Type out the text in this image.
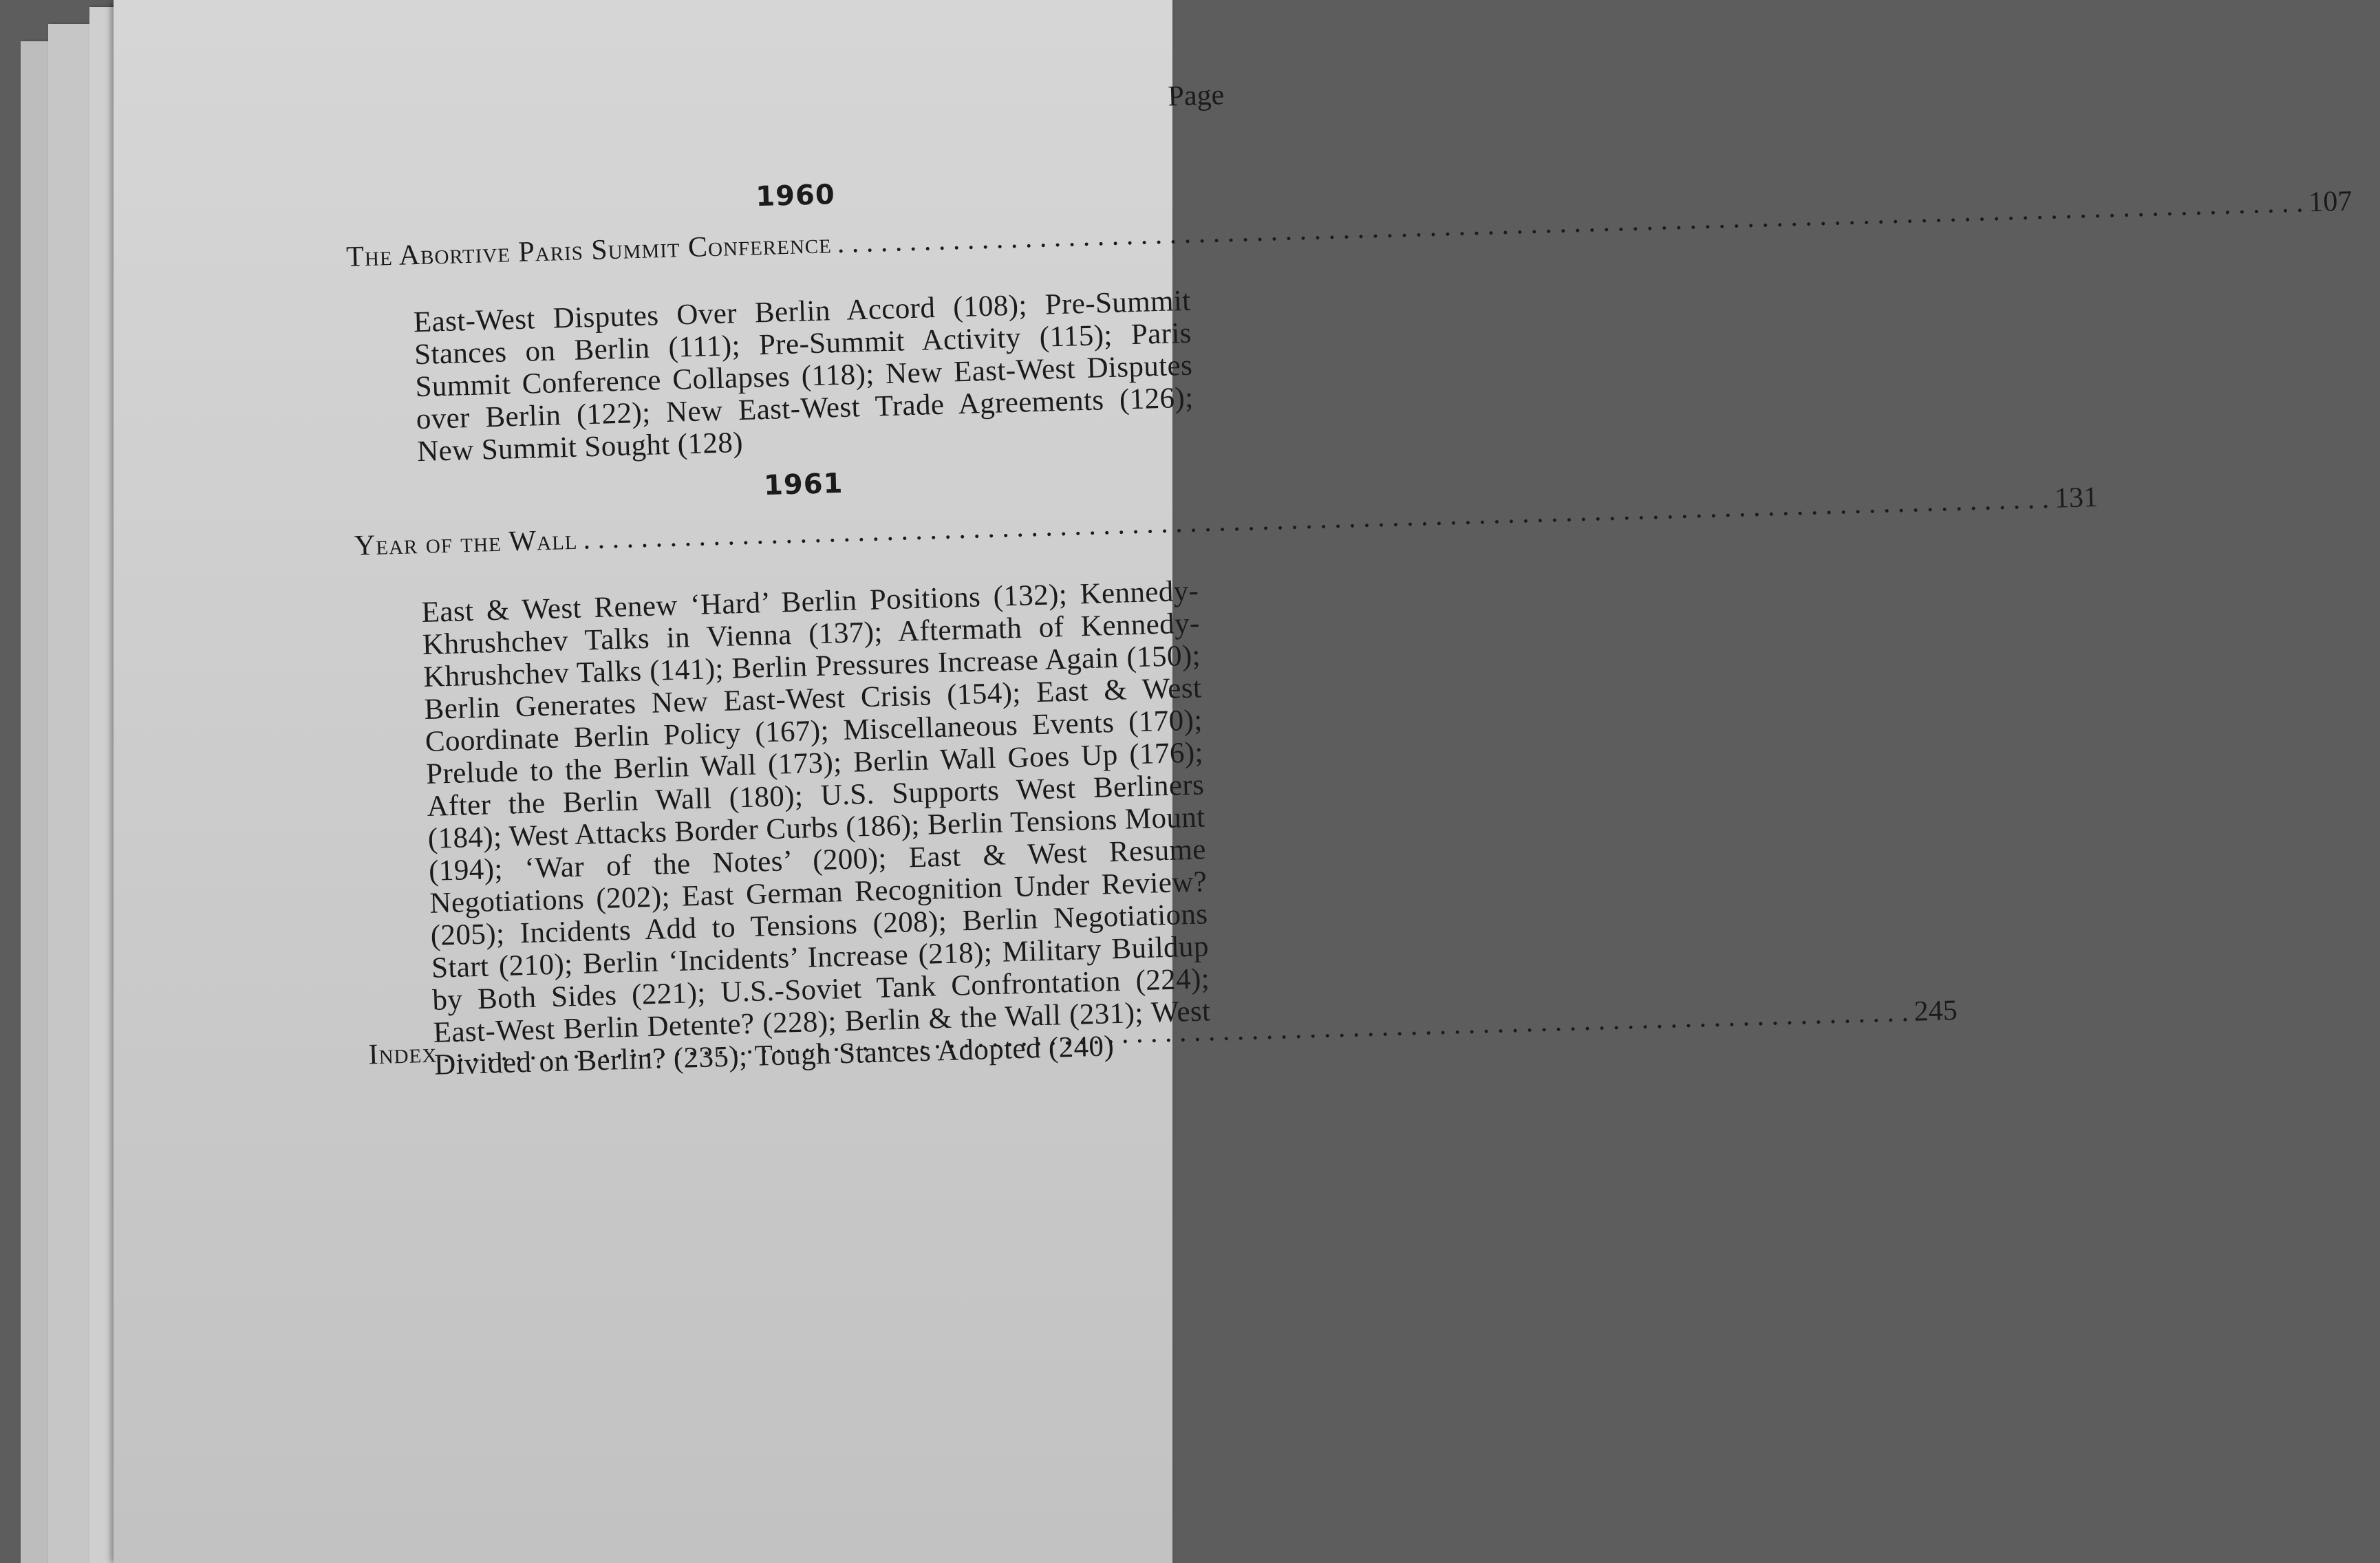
Page
1960
The Abortive Paris Summit Conference
. . .
107
East-West Disputes Over Berlin Accord (108); Pre-Summit Stances on Berlin (111); Pre-Summit Activity (115); Paris Summit Conference Collapses (118); New East-West Disputes over Berlin (122); New East-West Trade Agreements (126); New Summit Sought (128)
1961
Year of the Wall
. . .
131
East & West Renew ‘Hard’ Berlin Positions (132); Kennedy-Khrushchev Talks in Vienna (137); Aftermath of Kennedy-Khrushchev Talks (141); Berlin Pressures Increase Again (150); Berlin Generates New East-West Crisis (154); East & West Coordinate Berlin Policy (167); Miscellaneous Events (170); Prelude to the Berlin Wall (173); Berlin Wall Goes Up (176); After the Berlin Wall (180); U.S. Supports West Berliners (184); West Attacks Border Curbs (186); Berlin Tensions Mount (194); ‘War of the Notes’ (200); East & West Resume Negotiations (202); East German Recognition Under Review? (205); Incidents Add to Tensions (208); Berlin Negotiations Start (210); Berlin ‘Incidents’ Increase (218); Military Buildup by Both Sides (221); U.S.-Soviet Tank Confrontation (224); East-West Berlin Detente? (228); Berlin & the Wall (231); West Divided on Berlin? (235); Tough Stances Adopted (240)
Index
. . .
245
